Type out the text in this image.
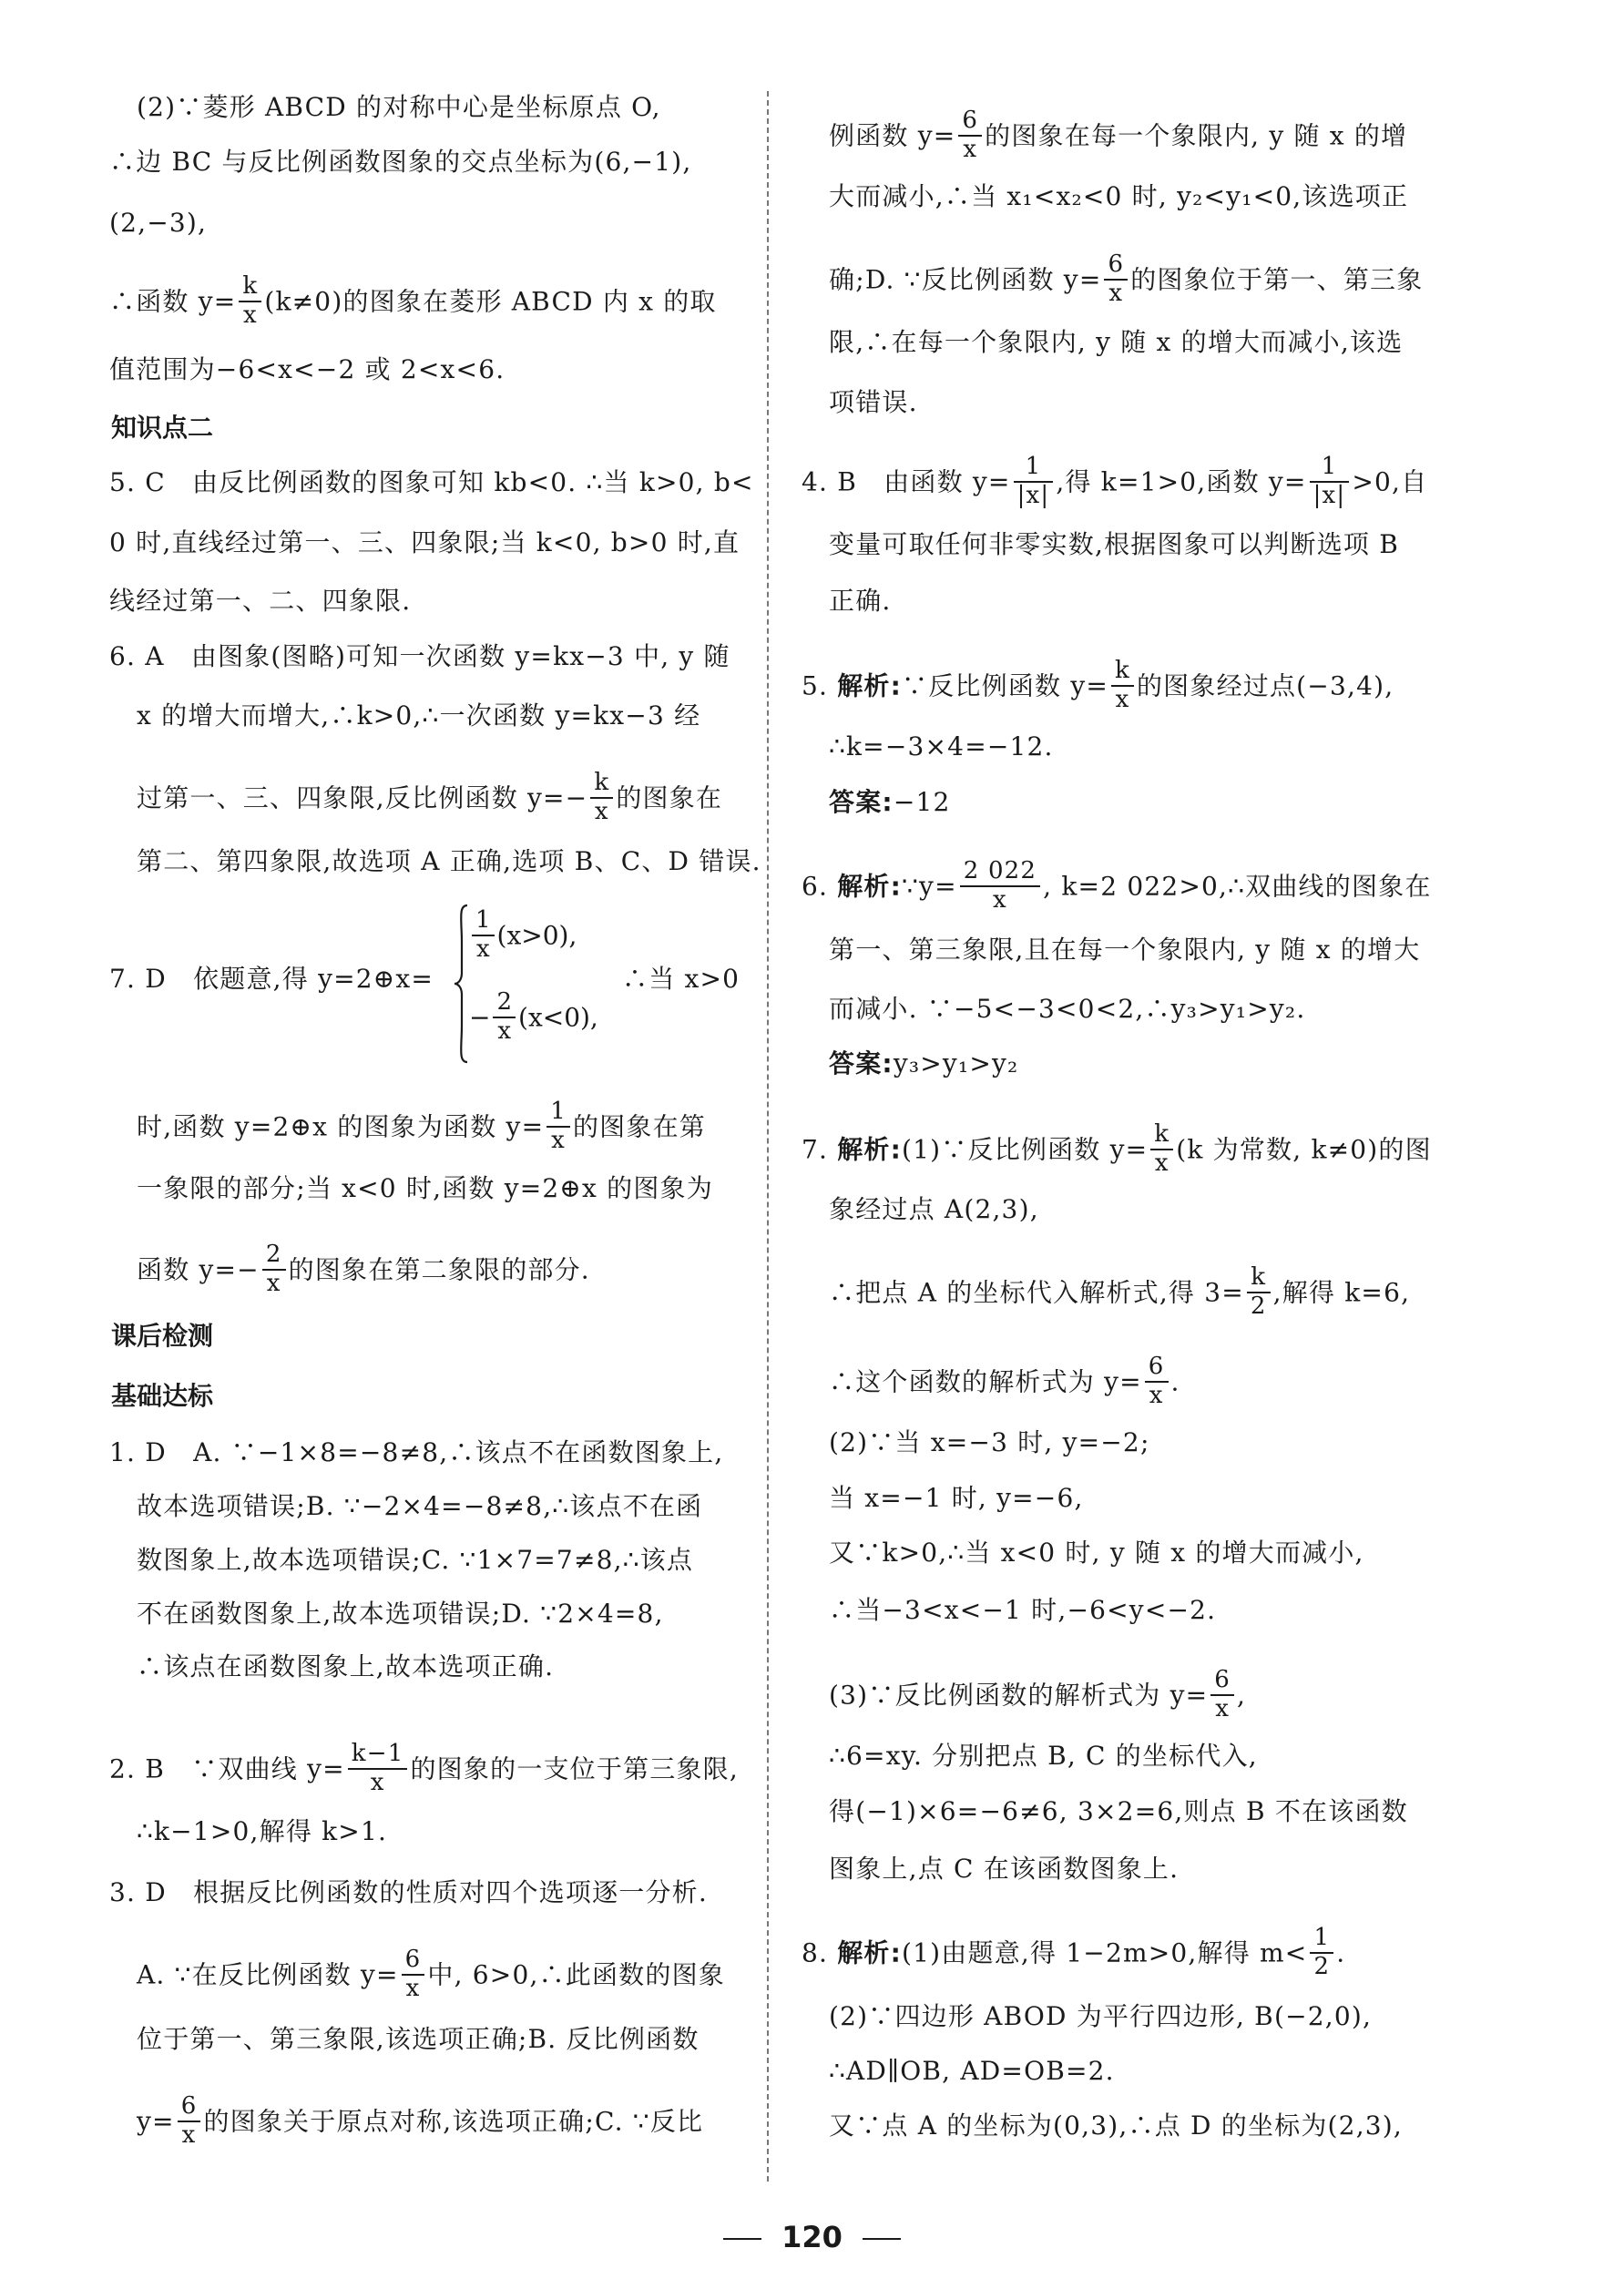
(2)∵菱形 ABCD 的对称中心是坐标原点 O,
∴边 BC 与反比例函数图象的交点坐标为(6,−1),
(2,−3),
∴函数 $y= \frac{k}{x} (k\ne 0)$的图象在菱形 ABCD 内 x 的取
值范围为−6<x<−2 或 2<x<6.
知识点二
5. C　由反比例函数的图象可知 kb<0. ∴当 k>0, b<
0 时,直线经过第一、三、四象限;当 k<0, b>0 时,直
线经过第一、二、四象限.
6. A　由图象(图略)可知一次函数 y=kx−3 中, y 随
x 的增大而增大,∴k>0,∴一次函数 y=kx−3 经
过第一、三、四象限,反比例函数 $y=- \frac{k}{x}$ 的图象在
第二、第四象限,故选项 A 正确,选项 B、C、D 错误.
7. D　依题意,得 y=2⊕x=
$\frac{1}{x} (x>0)$,
− $\frac{2}{x} (x<0)$,
∴当 x>0
时,函数 y=2⊕x 的图象为函数 $y= \frac{1}{x}$ 的图象在第
一象限的部分;当 x<0 时,函数 y=2⊕x 的图象为
函数 $y=- \frac{2}{x}$ 的图象在第二象限的部分.
课后检测
基础达标
1. D　A. ∵−1×8=−8≠8,∴该点不在函数图象上,
故本选项错误;B. ∵−2×4=−8≠8,∴该点不在函
数图象上,故本选项错误;C. ∵1×7=7≠8,∴该点
不在函数图象上,故本选项错误;D. ∵2×4=8,
∴该点在函数图象上,故本选项正确.
2. B　∵双曲线 $y= \frac{k-1}{x}$ 的图象的一支位于第三象限,
∴k−1>0,解得 k>1.
3. D　根据反比例函数的性质对四个选项逐一分析.
A. ∵在反比例函数 $y= \frac{6}{x}$ 中, 6>0,∴此函数的图象
位于第一、第三象限,该选项正确;B. 反比例函数
$y= \frac{6}{x}$ 的图象关于原点对称,该选项正确;C. ∵反比
例函数 $y= \frac{6}{x}$ 的图象在每一个象限内, y 随 x 的增
大而减小,∴当 x₁<x₂<0 时, y₂<y₁<0,该选项正
确;D. ∵反比例函数 $y= \frac{6}{x}$ 的图象位于第一、第三象
限,∴在每一个象限内, y 随 x 的增大而减小,该选
项错误.
4. B　由函数 $y= \frac{1}{|x|}$ ,得 k=1>0,函数 $y= \frac{1}{|x|} >0$,自
变量可取任何非零实数,根据图象可以判断选项 B
正确.
5. 解析:∵反比例函数 $y= \frac{k}{x}$ 的图象经过点(−3,4),
∴k=−3×4=−12.
答案:−12
6. 解析:∵y= $\frac{2 022}{x}$ , k=2 022>0,∴双曲线的图象在
第一、第三象限,且在每一个象限内, y 随 x 的增大
而减小. ∵−5<−3<0<2,∴y₃>y₁>y₂.
答案:y₃>y₁>y₂
7. 解析:(1)∵反比例函数 $y= \frac{k}{x} (k$ 为常数, k≠0)的图
象经过点 A(2,3),
∴把点 A 的坐标代入解析式,得 $3= \frac{k}{2}$ ,解得 k=6,
∴这个函数的解析式为 $y= \frac{6}{x}$ .
(2)∵当 x=−3 时, y=−2;
当 x=−1 时, y=−6,
又∵k>0,∴当 x<0 时, y 随 x 的增大而减小,
∴当−3<x<−1 时,−6<y<−2.
(3)∵反比例函数的解析式为 $y= \frac{6}{x}$ ,
∴6=xy. 分别把点 B, C 的坐标代入,
得(−1)×6=−6≠6, 3×2=6,则点 B 不在该函数
图象上,点 C 在该函数图象上.
8. 解析:(1)由题意,得 1−2m>0,解得 $m< \frac{1}{2}$ .
(2)∵四边形 ABOD 为平行四边形, B(−2,0),
∴AD∥OB, AD=OB=2.
又∵点 A 的坐标为(0,3),∴点 D 的坐标为(2,3),
120
